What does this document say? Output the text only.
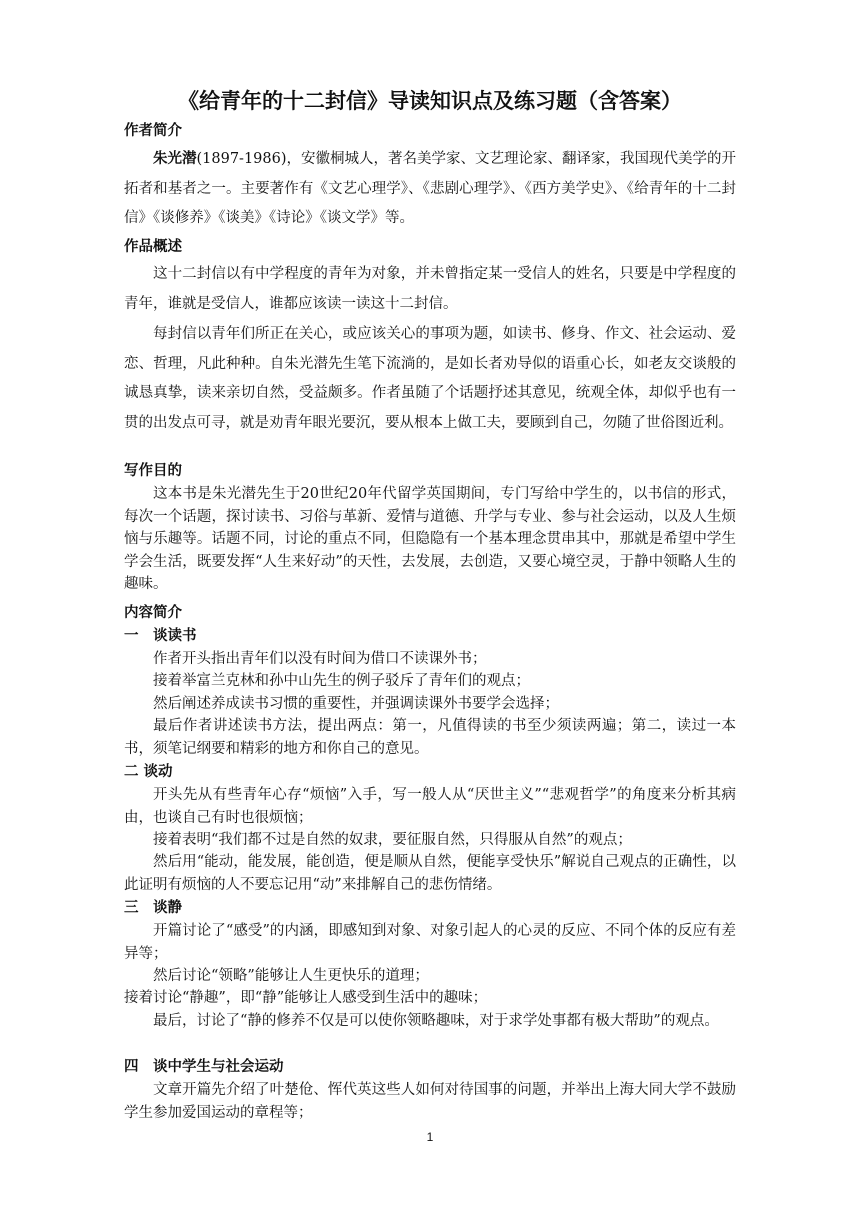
《给青年的十二封信》导读知识点及练习题（含答案）
作者简介

朱光潜(1897-1986)，安徽桐城人，著名美学家、文艺理论家、翻译家，我国现代美学的开拓者和基者之一。主要著作有《文艺心理学》、《悲剧心理学》、《西方美学史》、《给青年的十二封信》《谈修养》《谈美》《诗论》《谈文学》等。

作品概述

这十二封信以有中学程度的青年为对象，并未曾指定某一受信人的姓名，只要是中学程度的青年，谁就是受信人，谁都应该读一读这十二封信。

每封信以青年们所正在关心，或应该关心的事项为题，如读书、修身、作文、社会运动、爱恋、哲理，凡此种种。自朱光潜先生笔下流淌的，是如长者劝导似的语重心长，如老友交谈般的诚恳真挚，读来亲切自然，受益颇多。作者虽随了个话题抒述其意见，统观全体，却似乎也有一贯的出发点可寻，就是劝青年眼光要沉，要从根本上做工夫，要顾到自己，勿随了世俗图近利。

写作目的

这本书是朱光潜先生于20世纪20年代留学英国期间，专门写给中学生的，以书信的形式，每次一个话题，探讨读书、习俗与革新、爱情与道德、升学与专业、参与社会运动，以及人生烦恼与乐趣等。话题不同，讨论的重点不同，但隐隐有一个基本理念贯串其中，那就是希望中学生学会生活，既要发挥“人生来好动”的天性，去发展，去创造，又要心境空灵，于静中领略人生的趣味。

内容简介
一　谈读书
作者开头指出青年们以没有时间为借口不读课外书；
接着举富兰克林和孙中山先生的例子驳斥了青年们的观点；
然后阐述养成读书习惯的重要性，并强调读课外书要学会选择；

最后作者讲述读书方法，提出两点：第一，凡值得读的书至少须读两遍；第二，读过一本书，须笔记纲要和精彩的地方和你自己的意见。

二 谈动

开头先从有些青年心存“烦恼”入手，写一般人从“厌世主义”“悲观哲学”的角度来分析其病由，也谈自己有时也很烦恼；

接着表明“我们都不过是自然的奴隶，要征服自然，只得服从自然”的观点；

然后用“能动，能发展，能创造，便是顺从自然，便能享受快乐”解说自己观点的正确性，以此证明有烦恼的人不要忘记用“动”来排解自己的悲伤情绪。

三　谈静

开篇讨论了“感受”的内涵，即感知到对象、对象引起人的心灵的反应、不同个体的反应有差异等；

然后讨论“领略”能够让人生更快乐的道理；
接着讨论“静趣”，即“静”能够让人感受到生活中的趣味；

最后，讨论了“静的修养不仅是可以使你领略趣味，对于求学处事都有极大帮助”的观点。

四　谈中学生与社会运动

文章开篇先介绍了叶楚伧、恽代英这些人如何对待国事的问题，并举出上海大同大学不鼓励学生参加爱国运动的章程等；

1
